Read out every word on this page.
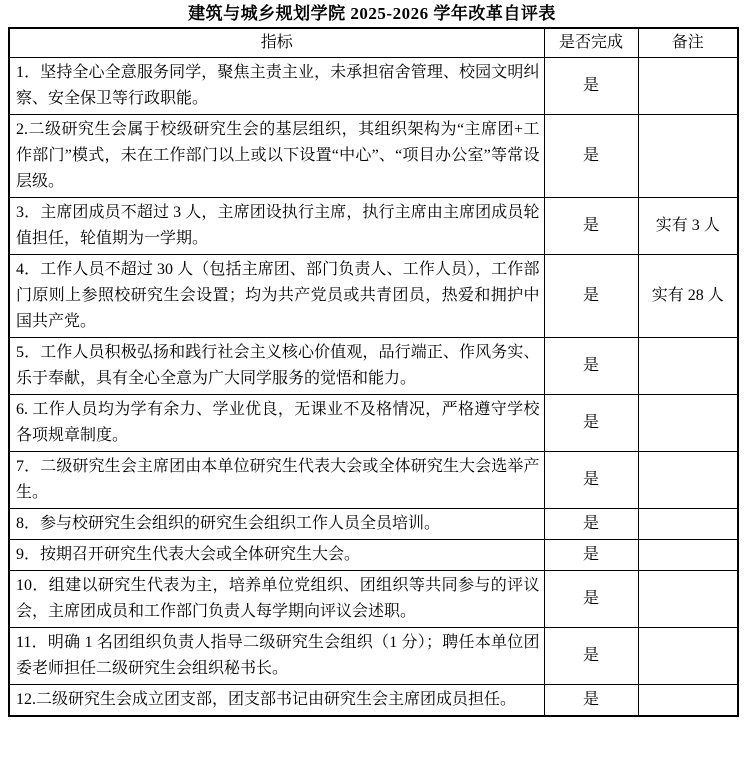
建筑与城乡规划学院 2025-2026 学年改革自评表
指标	是否完成	备注
1．坚持全心全意服务同学，聚焦主责主业，未承担宿舍管理、校园文明纠察、安全保卫等行政职能。	是	
2.二级研究生会属于校级研究生会的基层组织，其组织架构为“主席团+工作部门”模式，未在工作部门以上或以下设置“中心”、“项目办公室”等常设层级。	是	
3．主席团成员不超过 3 人，主席团设执行主席，执行主席由主席团成员轮值担任，轮值期为一学期。	是	实有 3 人
4．工作人员不超过 30 人（包括主席团、部门负责人、工作人员），工作部门原则上参照校研究生会设置；均为共产党员或共青团员，热爱和拥护中国共产党。	是	实有 28 人
5．工作人员积极弘扬和践行社会主义核心价值观，品行端正、作风务实、乐于奉献，具有全心全意为广大同学服务的觉悟和能力。	是	
6. 工作人员均为学有余力、学业优良，无课业不及格情况，严格遵守学校各项规章制度。	是	
7．二级研究生会主席团由本单位研究生代表大会或全体研究生大会选举产生。	是	
8．参与校研究生会组织的研究生会组织工作人员全员培训。	是	
9．按期召开研究生代表大会或全体研究生大会。	是	
10．组建以研究生代表为主，培养单位党组织、团组织等共同参与的评议会，主席团成员和工作部门负责人每学期向评议会述职。	是	
11．明确 1 名团组织负责人指导二级研究生会组织（1 分）；聘任本单位团委老师担任二级研究生会组织秘书长。	是	
12.二级研究生会成立团支部，团支部书记由研究生会主席团成员担任。	是	
